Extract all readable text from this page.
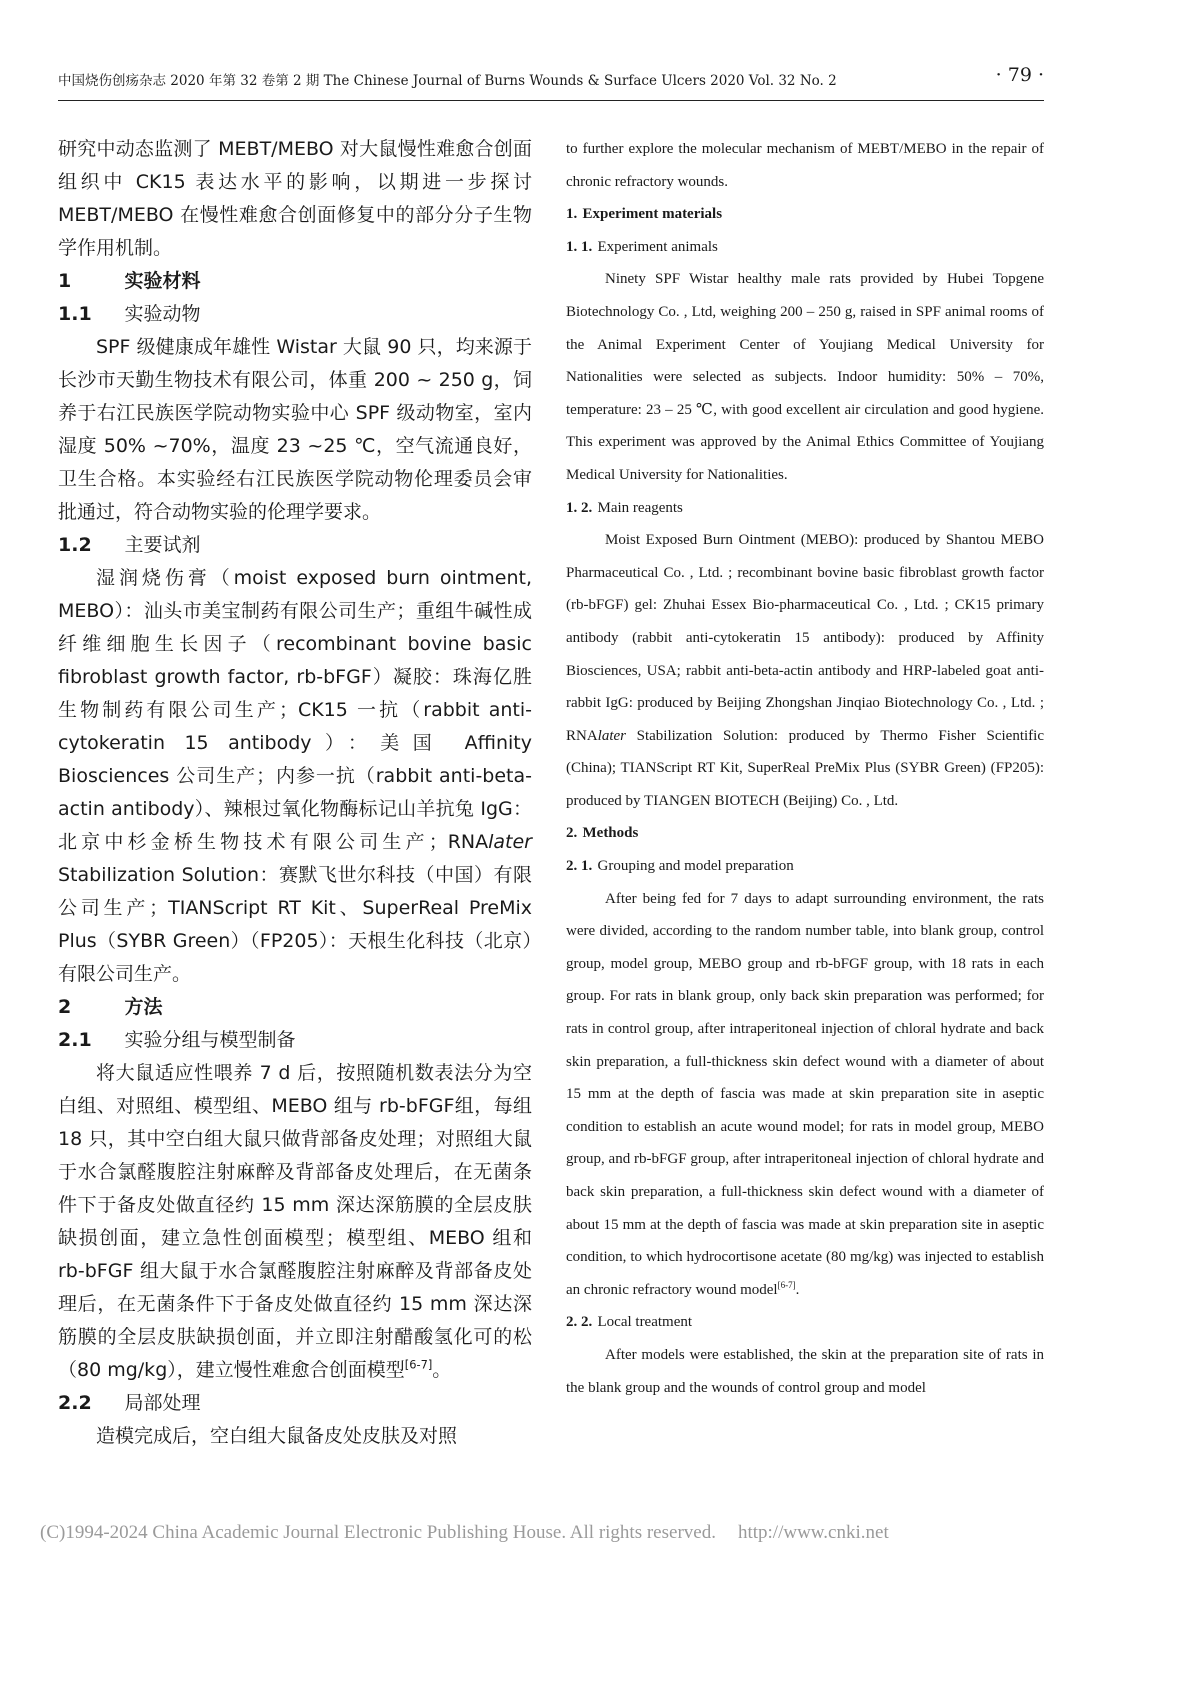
中国烧伤创疡杂志 2020 年第 32 卷第 2 期 The Chinese Journal of Burns Wounds & Surface Ulcers 2020 Vol. 32 No. 2	· 79 ·

研究中动态监测了 MEBT/MEBO 对大鼠慢性难愈合创面组织中 CK15 表达水平的影响，以期进一步探讨 MEBT/MEBO 在慢性难愈合创面修复中的部分分子生物学作用机制。

1	实验材料
1.1 实验动物

SPF 级健康成年雄性 Wistar 大鼠 90 只，均来源于长沙市天勤生物技术有限公司，体重 200 ~ 250 g，饲养于右江民族医学院动物实验中心 SPF 级动物室，室内湿度 50% ~70%，温度 23 ~25 ℃，空气流通良好，卫生合格。本实验经右江民族医学院动物伦理委员会审批通过，符合动物实验的伦理学要求。

1.2 主要试剂

湿润烧伤膏（moist exposed burn ointment, MEBO）：汕头市美宝制药有限公司生产；重组牛碱性成纤维细胞生长因子（recombinant bovine basic fibroblast growth factor, rb-bFGF）凝胶：珠海亿胜生物制药有限公司生产；CK15 一抗（rabbit anti-cytokeratin 15 antibody）：美国 Affinity Biosciences 公司生产；内参一抗（rabbit anti-beta-actin antibody）、辣根过氧化物酶标记山羊抗兔 IgG：北京中杉金桥生物技术有限公司生产；RNAlater Stabilization Solution：赛默飞世尔科技（中国）有限公司生产；TIANScript RT Kit、SuperReal PreMix Plus（SYBR Green）（FP205）：天根生化科技（北京）有限公司生产。

2	方法
2.1 实验分组与模型制备

将大鼠适应性喂养 7 d 后，按照随机数表法分为空白组、对照组、模型组、MEBO 组与 rb-bFGF组，每组 18 只，其中空白组大鼠只做背部备皮处理；对照组大鼠于水合氯醛腹腔注射麻醉及背部备皮处理后，在无菌条件下于备皮处做直径约 15 mm 深达深筋膜的全层皮肤缺损创面，建立急性创面模型；模型组、MEBO 组和 rb-bFGF 组大鼠于水合氯醛腹腔注射麻醉及背部备皮处理后，在无菌条件下于备皮处做直径约 15 mm 深达深筋膜的全层皮肤缺损创面，并立即注射醋酸氢化可的松（80 mg/kg），建立慢性难愈合创面模型[6-7]。

2.2 局部处理

造模完成后，空白组大鼠备皮处皮肤及对照

to further explore the molecular mechanism of MEBT/MEBO in the repair of chronic refractory wounds.

1. Experiment materials
1. 1. Experiment animals

Ninety SPF Wistar healthy male rats provided by Hubei Topgene Biotechnology Co. , Ltd, weighing 200 – 250 g, raised in SPF animal rooms of the Animal Experiment Center of Youjiang Medical University for Nationalities were selected as subjects. Indoor humidity: 50% – 70%, temperature: 23 – 25 ℃, with good excellent air circulation and good hygiene. This experiment was approved by the Animal Ethics Committee of Youjiang Medical University for Nationalities.

1. 2. Main reagents

Moist Exposed Burn Ointment (MEBO): produced by Shantou MEBO Pharmaceutical Co. , Ltd. ; recombinant bovine basic fibroblast growth factor (rb-bFGF) gel: Zhuhai Essex Bio-pharmaceutical Co. , Ltd. ; CK15 primary antibody (rabbit anti-cytokeratin 15 antibody): produced by Affinity Biosciences, USA; rabbit anti-beta-actin antibody and HRP-labeled goat anti-rabbit IgG: produced by Beijing Zhongshan Jinqiao Biotechnology Co. , Ltd. ; RNAlater Stabilization Solution: produced by Thermo Fisher Scientific (China); TIANScript RT Kit, SuperReal PreMix Plus (SYBR Green) (FP205): produced by TIANGEN BIOTECH (Beijing) Co. , Ltd.

2. Methods
2. 1. Grouping and model preparation

After being fed for 7 days to adapt surrounding environment, the rats were divided, according to the random number table, into blank group, control group, model group, MEBO group and rb-bFGF group, with 18 rats in each group. For rats in blank group, only back skin preparation was performed; for rats in control group, after intraperitoneal injection of chloral hydrate and back skin preparation, a full-thickness skin defect wound with a diameter of about 15 mm at the depth of fascia was made at skin preparation site in aseptic condition to establish an acute wound model; for rats in model group, MEBO group, and rb-bFGF group, after intraperitoneal injection of chloral hydrate and back skin preparation, a full-thickness skin defect wound with a diameter of about 15 mm at the depth of fascia was made at skin preparation site in aseptic condition, to which hydrocortisone acetate (80 mg/kg) was injected to establish an chronic refractory wound model[6-7].

2. 2. Local treatment

After models were established, the skin at the preparation site of rats in the blank group and the wounds of control group and model

(C)1994-2024 China Academic Journal Electronic Publishing House. All rights reserved. http://www.cnki.net
